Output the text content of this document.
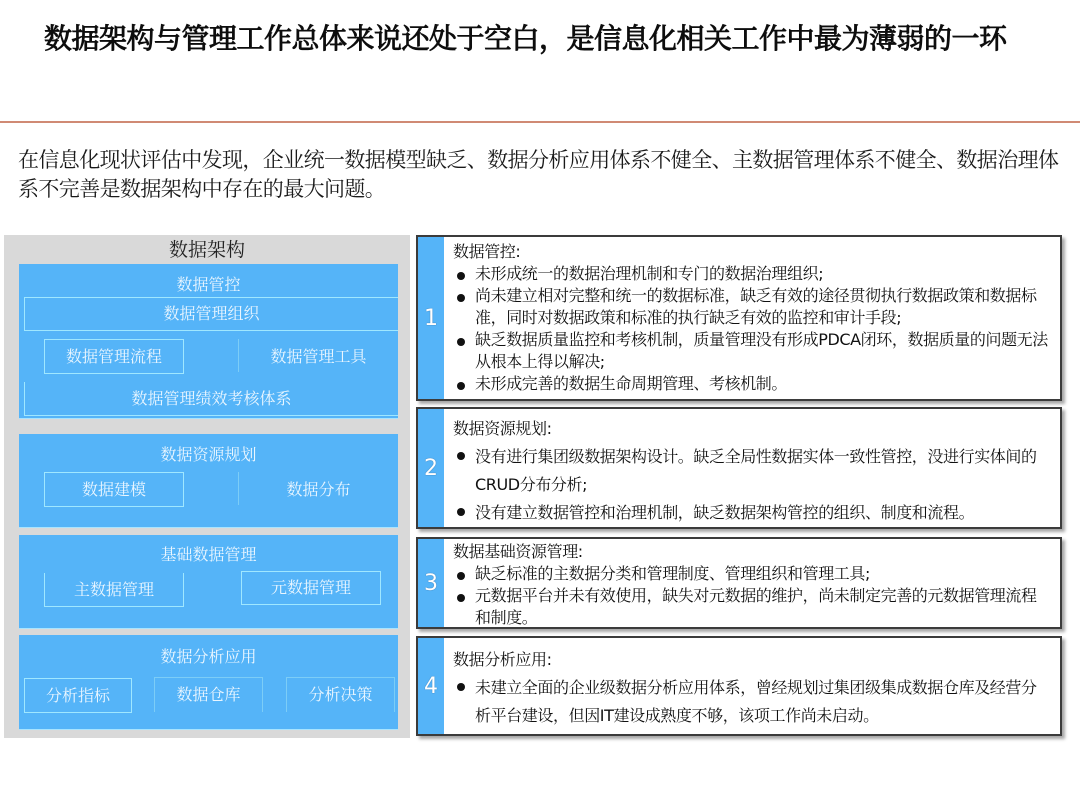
数据架构与管理工作总体来说还处于空白，是信息化相关工作中最为薄弱的一环
在信息化现状评估中发现，企业统一数据模型缺乏、数据分析应用体系不健全、主数据管理体系不健全、数据治理体系不完善是数据架构中存在的最大问题。
数据架构
数据管控
数据管理组织
数据管理流程	数据管理工具
数据管理绩效考核体系
数据资源规划
数据建模	数据分布
基础数据管理
主数据管理	元数据管理
数据分析应用
分析指标	数据仓库	分析决策
1
数据管控:
未形成统一的数据治理机制和专门的数据治理组织;
尚未建立相对完整和统一的数据标准，缺乏有效的途径贯彻执行数据政策和数据标准，同时对数据政策和标准的执行缺乏有效的监控和审计手段;
缺乏数据质量监控和考核机制，质量管理没有形成PDCA闭环，数据质量的问题无法从根本上得以解决;
未形成完善的数据生命周期管理、考核机制。
2
数据资源规划:
没有进行集团级数据架构设计。缺乏全局性数据实体一致性管控，没进行实体间的CRUD分布分析;
没有建立数据管控和治理机制，缺乏数据架构管控的组织、制度和流程。
3
数据基础资源管理:
缺乏标准的主数据分类和管理制度、管理组织和管理工具;
元数据平台并未有效使用，缺失对元数据的维护，尚未制定完善的元数据管理流程和制度。
4
数据分析应用:
未建立全面的企业级数据分析应用体系，曾经规划过集团级集成数据仓库及经营分析平台建设，但因IT建设成熟度不够，该项工作尚未启动。
